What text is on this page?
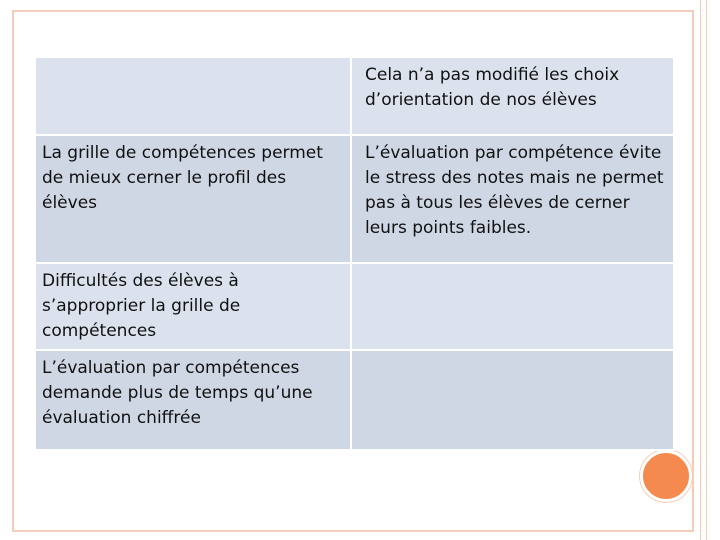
	Cela n’a pas modifié les choix d’orientation de nos élèves
La grille de compétences permet de mieux cerner le profil des élèves	L’évaluation par compétence évite le stress des notes mais ne permet pas à tous les élèves de cerner leurs points faibles.
Difficultés des élèves à s’approprier la grille de compétences	
L’évaluation par compétences demande plus de temps qu’une évaluation chiffrée	
